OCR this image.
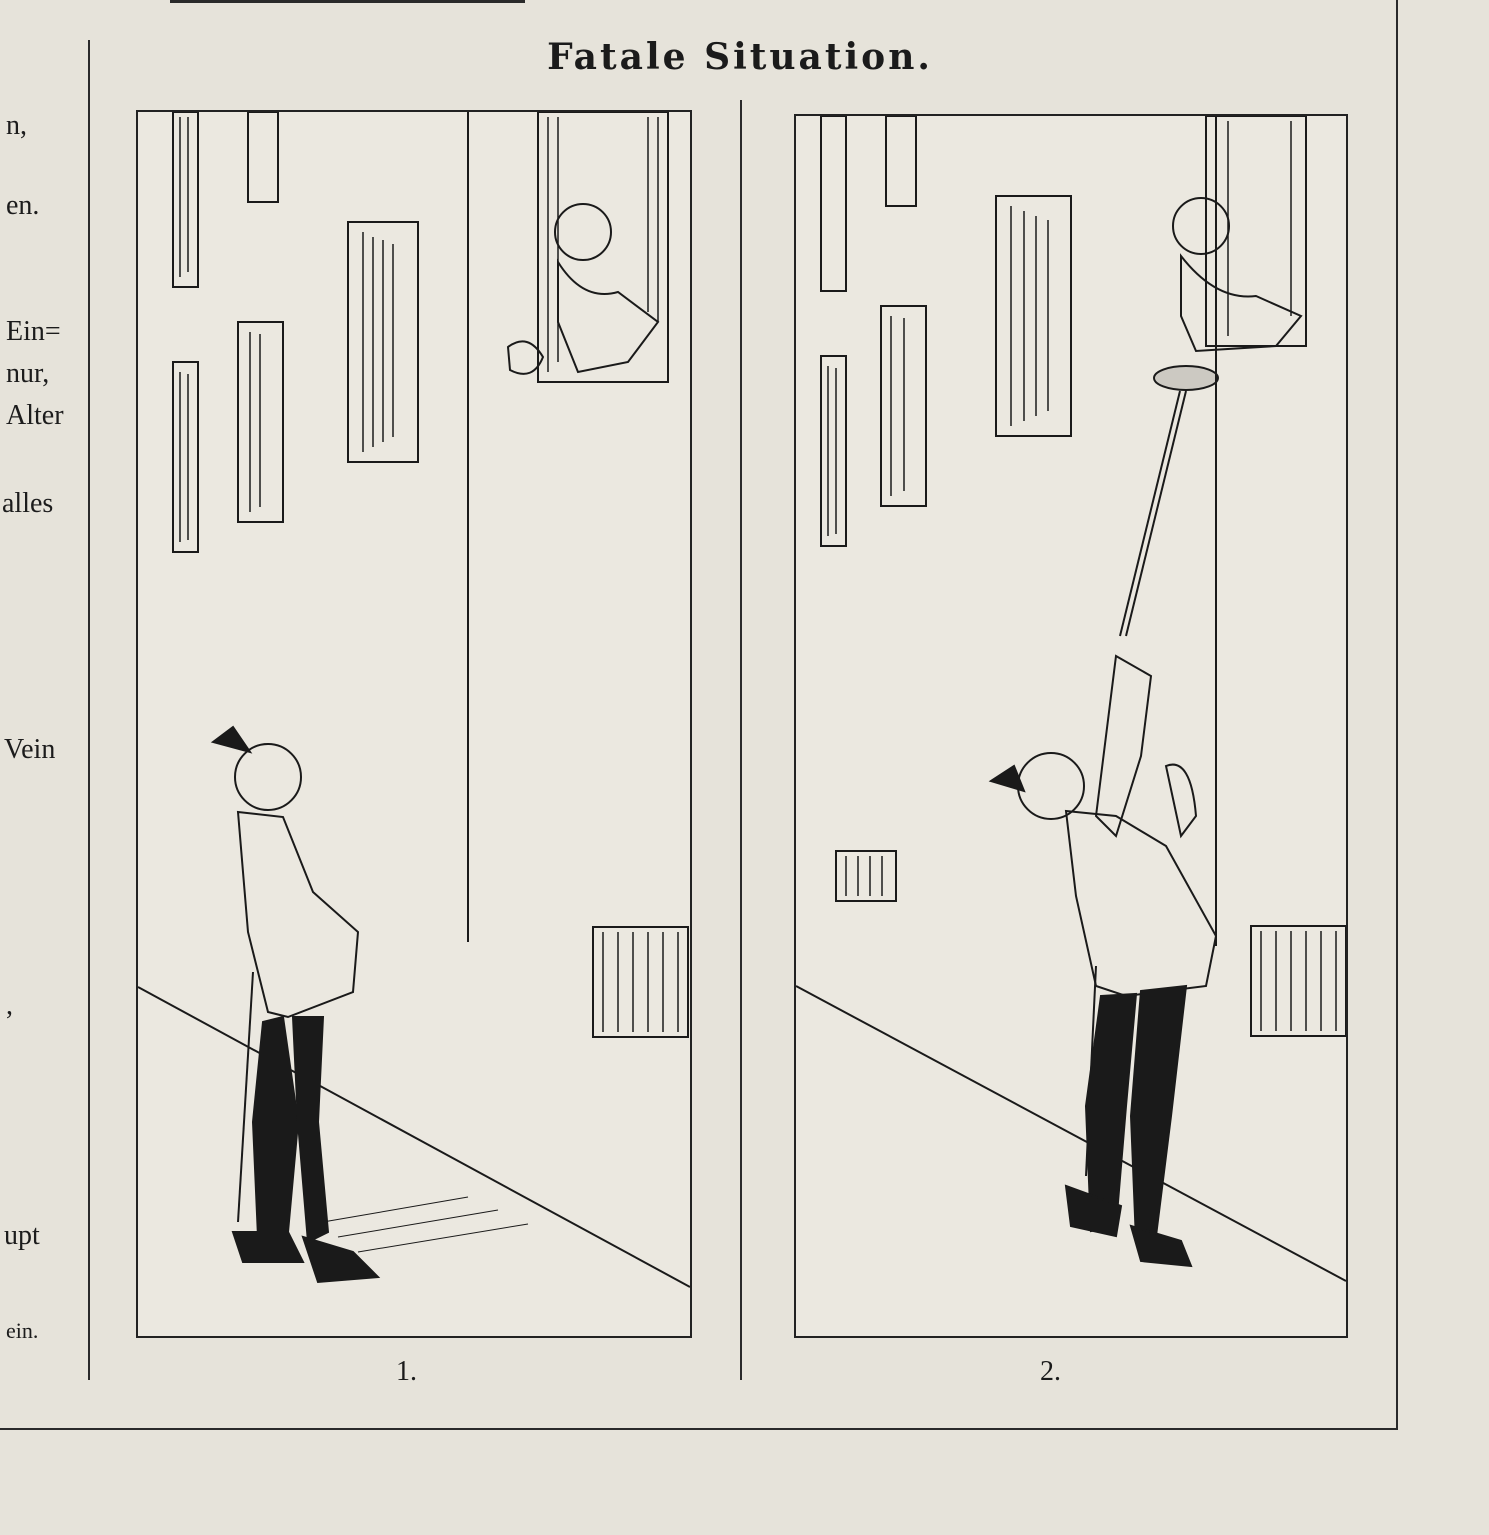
n,
en.
Ein=
nur,
Alter
alles
Vein
,
upt
ein.
Fatale Situation.
1.	2.
